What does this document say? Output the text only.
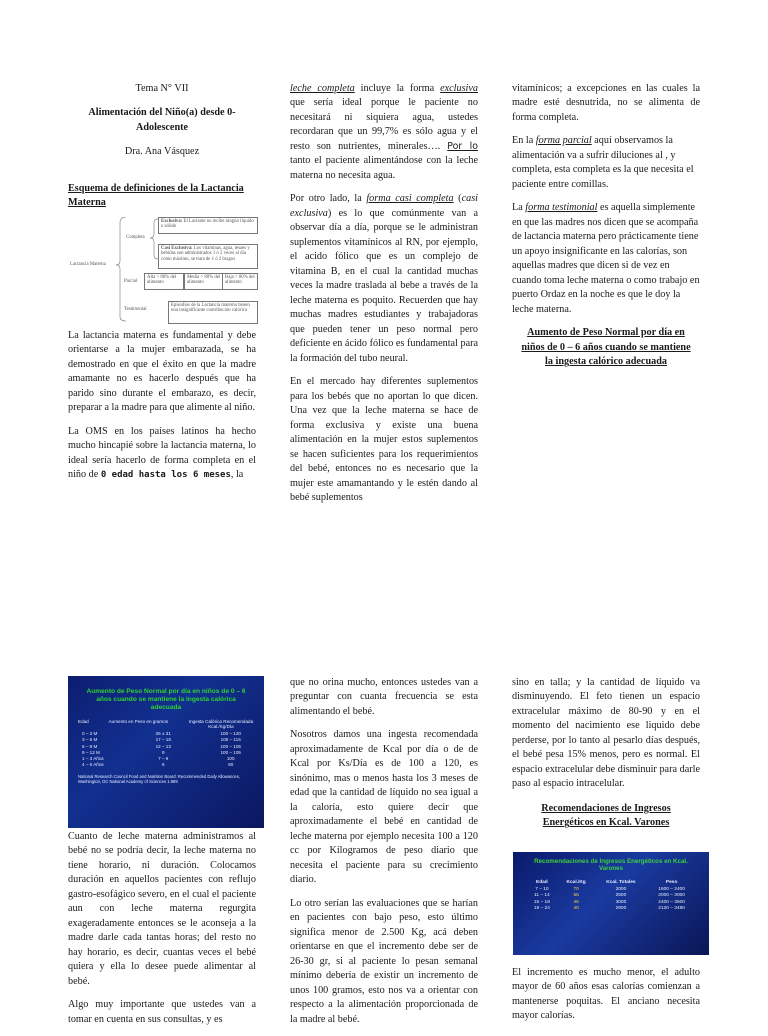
Tema N° VII

Alimentación del Niño(a) desde 0-Adolescente

Dra. Ana Vásquez

Esquema de definiciones de la Lactancia Materna

Lactancia Materna
Completa
Exclusiva: El Lactante no recibe ningún líquido o sólido
Casi Exclusiva: Los vitaminas, agua, tesaes y bebidas son administrados 1 ó 2 veces al día como máximo, se trata de 1 ó 2 bragos
Parcial
Alta > 80% del alimento
Media > 80% del alimento
Baja > 80% del alimento
Testimonial
Episodios de la Lactancia materna tienen una insignificante contribución calórica

La lactancia materna es fundamental y debe orientarse a la mujer embarazada, se ha demostrado en que el éxito en que la madre amamante no es hacerlo después que ha parido sino durante el embarazo, es decir, preparar a la madre para que alimente al niño.

La OMS en los países latinos ha hecho mucho hincapié sobre la lactancia materna, lo ideal sería hacerlo de forma completa en el niño de 0 edad hasta los 6 meses, la

Aumento de Peso Normal por día en niños de 0 – 6 años cuando se mantiene la ingesta calórica adecuada
Edad	Aumento en Peso en gramos	Ingesta Calórica Recomendada Kcal./Kg/Día
0 – 3 M	26 ± 31	100 – 120
3 – 6 M	17 – 18	105 – 115
6 – 9 M	12 – 13	100 – 105
9 – 12 M	9	100 – 105
1 – 3 Años	7 – 9	100
4 – 6 Años	6	90
National Research Council Food and Nutrition Board: Recommended Daily Allowances, Washington, DC National Academy of Sciences 1.989

Cuanto de leche materna administramos al bebé no se podría decir, la leche materna no tiene horario, ni duración. Colocamos duración en aquellos pacientes con reflujo gastro-esofágico severo, en el cual el paciente aun con leche materna regurgita exageradamente entonces se le aconseja a la madre darle cada tantas horas; del resto no hay horario, es decir, cuantas veces el bebé quiera y ella lo desee puede alimentar al bebé.

Algo muy importante que ustedes van a tomar en cuenta en sus consultas, y es

leche completa incluye la forma exclusiva que sería ideal porque le paciente no necesitará ni siquiera agua, ustedes recordaran que un 99,7% es sólo agua y el resto son nutrientes, minerales…. Por lo tanto el paciente alimentándose con la leche materna no necesita agua.

Por otro lado, la forma casi completa (casi exclusiva) es lo que comúnmente van a observar día a día, porque se le administran suplementos vitamínicos al RN, por ejemplo, el acido fólico que es un complejo de vitamina B, en el cual la cantidad muchas veces la madre traslada al bebe a través de la leche materna es poquito. Recuerden que hay muchas madres estudiantes y trabajadoras que pueden tener un peso normal pero deficiente en ácido fólico es fundamental para la formación del tubo neural.

En el mercado hay diferentes suplementos para los bebés que no aportan lo que dicen. Una vez que la leche materna se hace de forma exclusiva y existe una buena alimentación en la mujer estos suplementos se hacen suficientes para los requerimientos del bebé, entonces no es necesario que la mujer este amamantando y le estén dando al bebé suplementos

que no orina mucho, entonces ustedes van a preguntar con cuanta frecuencia se esta alimentando el bebé.

Nosotros damos una ingesta recomendada aproximadamente de Kcal por día o de de Kcal por Ks/Día es de 100 a 120, es sinónimo, mas o menos hasta los 3 meses de edad que la cantidad de líquido no sea igual a la caloría, esto quiere decir que aproximadamente el bebé en cantidad de leche materna por ejemplo necesita 100 a 120 cc por Kilogramos de peso diario que necesita el paciente para su crecimiento diario.

Lo otro serían las evaluaciones que se harían en pacientes con bajo peso, esto último significa menor de 2.500 Kg, acá deben orientarse en que el incremento debe ser de 26-30 gr, si al paciente lo pesan semanal mínimo debería de existir un incremento de unos 100 gramos, esto nos va a orientar con respecto a la alimentación proporcionada de la madre al bebé.

vitamínicos; a excepciones en las cuales la madre esté desnutrida, no se alimenta de forma completa.

En la forma parcial aquí observamos la alimentación va a sufrir diluciones al , y completa, esta completa es la que necesita el paciente entre comillas.

La forma testimonial es aquella simplemente en que las madres nos dicen que se acompaña de lactancia materna pero prácticamente tiene un apoyo insignificante en las calorías, son aquellas madres que dicen si de vez en cuando toma leche materna o como trabajo en puerto Ordaz en la noche es que le doy la leche materna.

Aumento de Peso Normal por día en niños de 0 – 6 años cuando se mantiene la ingesta calórico adecuada

sino en talla; y la cantidad de líquido va disminuyendo. El feto tienen un espacio extracelular máximo de 80-90 y en el momento del nacimiento ese liquido debe perderse, por lo tanto al pesarlo días después, el bebé pesa 15% menos, pero es normal. El espacio extracelular debe disminuir para darle paso al espacio intracelular.

Recomendaciones de Ingresos Energéticos en Kcal. Varones

Recomendaciones de Ingresos Energéticos en Kcal. Varones
Edad	Kcal./Kg	Kcal. Totales	Peso
7 – 10	70	2000	1600 – 2400
11 – 14	55	2500	2000 – 3000
15 – 18	45	3000	2400 – 3600
19 – 24	40	2900	2120 – 3480

El incremento es mucho menor, el adulto mayor de 60 años esas calorías comienzan a mantenerse poquitas. El anciano necesita mayor calorías.
